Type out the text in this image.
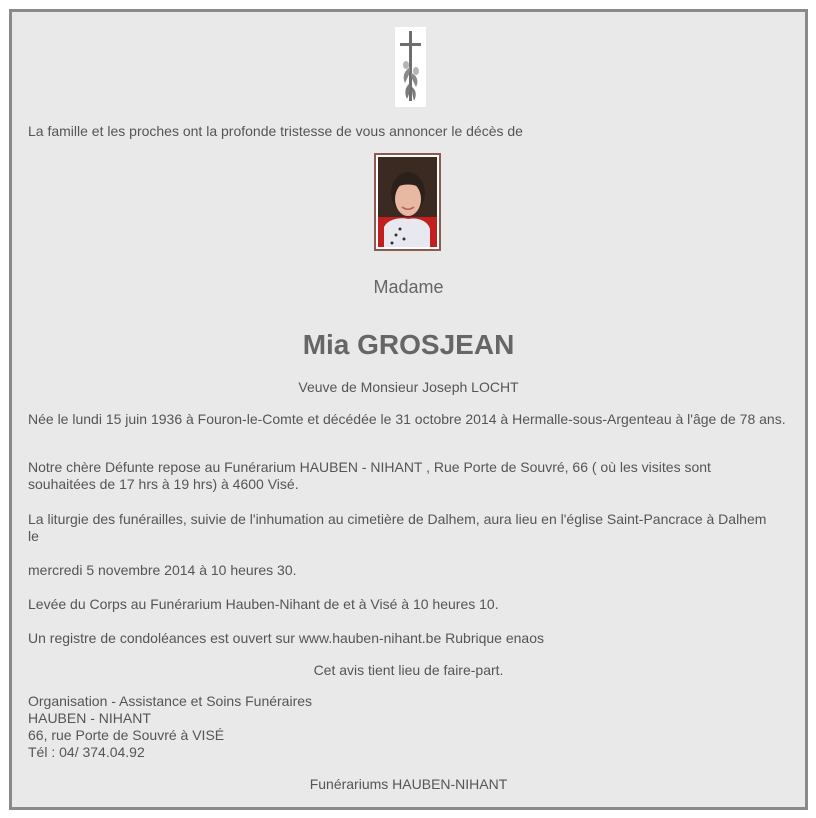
La famille et les proches ont la profonde tristesse de vous annoncer le décès de
Madame
Mia GROSJEAN
Veuve de Monsieur Joseph LOCHT
Née le lundi 15 juin 1936 à Fouron-le-Comte et décédée le 31 octobre 2014 à Hermalle-sous-Argenteau à l'âge de 78 ans.
Notre chère Défunte repose au Funérarium HAUBEN - NIHANT , Rue Porte de Souvré, 66 ( où les visites sont souhaitées de 17 hrs à 19 hrs) à 4600 Visé.
La liturgie des funérailles, suivie de l'inhumation au cimetière de Dalhem, aura lieu en l'église Saint-Pancrace à Dalhem le
mercredi 5 novembre 2014 à 10 heures 30.
Levée du Corps au Funérarium Hauben-Nihant de et à Visé à 10 heures 10.
Un registre de condoléances est ouvert sur www.hauben-nihant.be Rubrique enaos
Cet avis tient lieu de faire-part.
Organisation - Assistance et Soins Funéraires
HAUBEN - NIHANT
66, rue Porte de Souvré à VISÉ
Tél : 04/ 374.04.92
Funérariums HAUBEN-NIHANT
